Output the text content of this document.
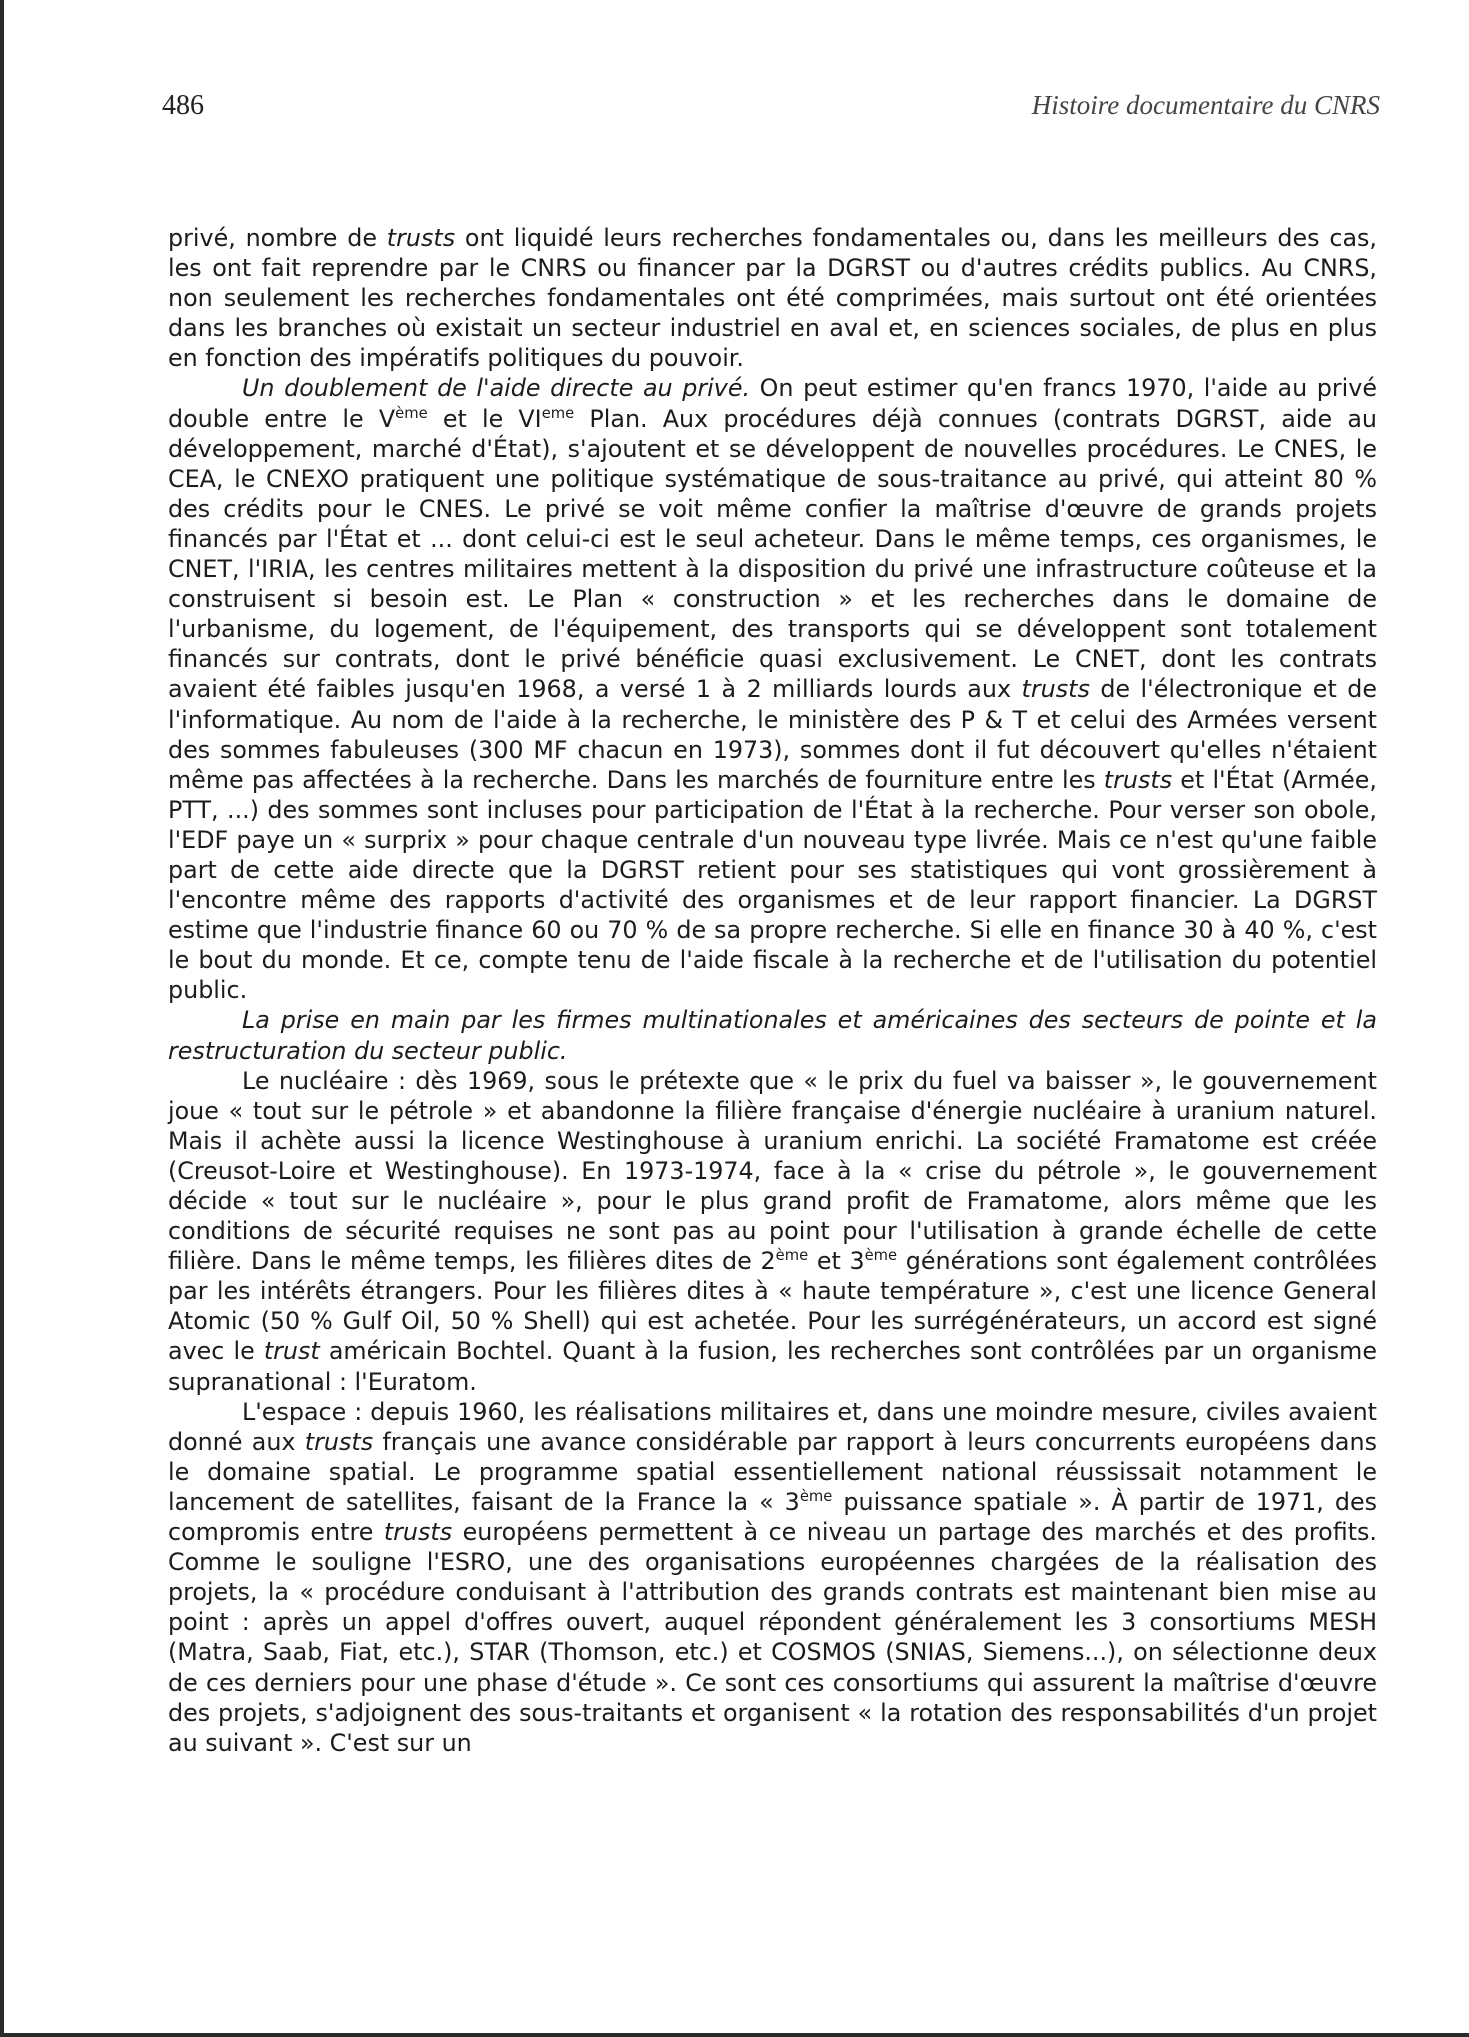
486	Histoire documentaire du CNRS

privé, nombre de trusts ont liquidé leurs recherches fondamentales ou, dans les meilleurs des cas, les ont fait reprendre par le CNRS ou financer par la DGRST ou d'autres crédits publics. Au CNRS, non seulement les recherches fondamentales ont été comprimées, mais surtout ont été orientées dans les branches où existait un secteur industriel en aval et, en sciences sociales, de plus en plus en fonction des impératifs politiques du pouvoir.

Un doublement de l'aide directe au privé. On peut estimer qu'en francs 1970, l'aide au privé double entre le Vème et le VIeme Plan. Aux procédures déjà connues (contrats DGRST, aide au développement, marché d'État), s'ajoutent et se développent de nouvelles procédures. Le CNES, le CEA, le CNEXO pratiquent une politique systématique de sous-traitance au privé, qui atteint 80 % des crédits pour le CNES. Le privé se voit même confier la maîtrise d'œuvre de grands projets financés par l'État et ... dont celui-ci est le seul acheteur. Dans le même temps, ces organismes, le CNET, l'IRIA, les centres militaires mettent à la disposition du privé une infrastructure coûteuse et la construisent si besoin est. Le Plan « construction » et les recherches dans le domaine de l'urbanisme, du logement, de l'équipement, des transports qui se développent sont totalement financés sur contrats, dont le privé bénéficie quasi exclusivement. Le CNET, dont les contrats avaient été faibles jusqu'en 1968, a versé 1 à 2 milliards lourds aux trusts de l'électronique et de l'informatique. Au nom de l'aide à la recherche, le ministère des P & T et celui des Armées versent des sommes fabuleuses (300 MF chacun en 1973), sommes dont il fut découvert qu'elles n'étaient même pas affectées à la recherche. Dans les marchés de fourniture entre les trusts et l'État (Armée, PTT, ...) des sommes sont incluses pour participation de l'État à la recherche. Pour verser son obole, l'EDF paye un « surprix » pour chaque centrale d'un nouveau type livrée. Mais ce n'est qu'une faible part de cette aide directe que la DGRST retient pour ses statistiques qui vont grossièrement à l'encontre même des rapports d'activité des organismes et de leur rapport financier. La DGRST estime que l'industrie finance 60 ou 70 % de sa propre recherche. Si elle en finance 30 à 40 %, c'est le bout du monde. Et ce, compte tenu de l'aide fiscale à la recherche et de l'utilisation du potentiel public.

La prise en main par les firmes multinationales et américaines des secteurs de pointe et la restructuration du secteur public.

Le nucléaire : dès 1969, sous le prétexte que « le prix du fuel va baisser », le gouvernement joue « tout sur le pétrole » et abandonne la filière française d'énergie nucléaire à uranium naturel. Mais il achète aussi la licence Westinghouse à uranium enrichi. La société Framatome est créée (Creusot-Loire et Westinghouse). En 1973-1974, face à la « crise du pétrole », le gouvernement décide « tout sur le nucléaire », pour le plus grand profit de Framatome, alors même que les conditions de sécurité requises ne sont pas au point pour l'utilisation à grande échelle de cette filière. Dans le même temps, les filières dites de 2ème et 3ème générations sont également contrôlées par les intérêts étrangers. Pour les filières dites à « haute température », c'est une licence General Atomic (50 % Gulf Oil, 50 % Shell) qui est achetée. Pour les surrégénérateurs, un accord est signé avec le trust américain Bochtel. Quant à la fusion, les recherches sont contrôlées par un organisme supranational : l'Euratom.

L'espace : depuis 1960, les réalisations militaires et, dans une moindre mesure, civiles avaient donné aux trusts français une avance considérable par rapport à leurs concurrents européens dans le domaine spatial. Le programme spatial essentiellement national réussissait notamment le lancement de satellites, faisant de la France la « 3ème puissance spatiale ». À partir de 1971, des compromis entre trusts européens permettent à ce niveau un partage des marchés et des profits. Comme le souligne l'ESRO, une des organisations européennes chargées de la réalisation des projets, la « procédure conduisant à l'attribution des grands contrats est maintenant bien mise au point : après un appel d'offres ouvert, auquel répondent généralement les 3 consortiums MESH (Matra, Saab, Fiat, etc.), STAR (Thomson, etc.) et COSMOS (SNIAS, Siemens...), on sélectionne deux de ces derniers pour une phase d'étude ». Ce sont ces consortiums qui assurent la maîtrise d'œuvre des projets, s'adjoignent des sous-traitants et organisent « la rotation des responsabilités d'un projet au suivant ». C'est sur un
